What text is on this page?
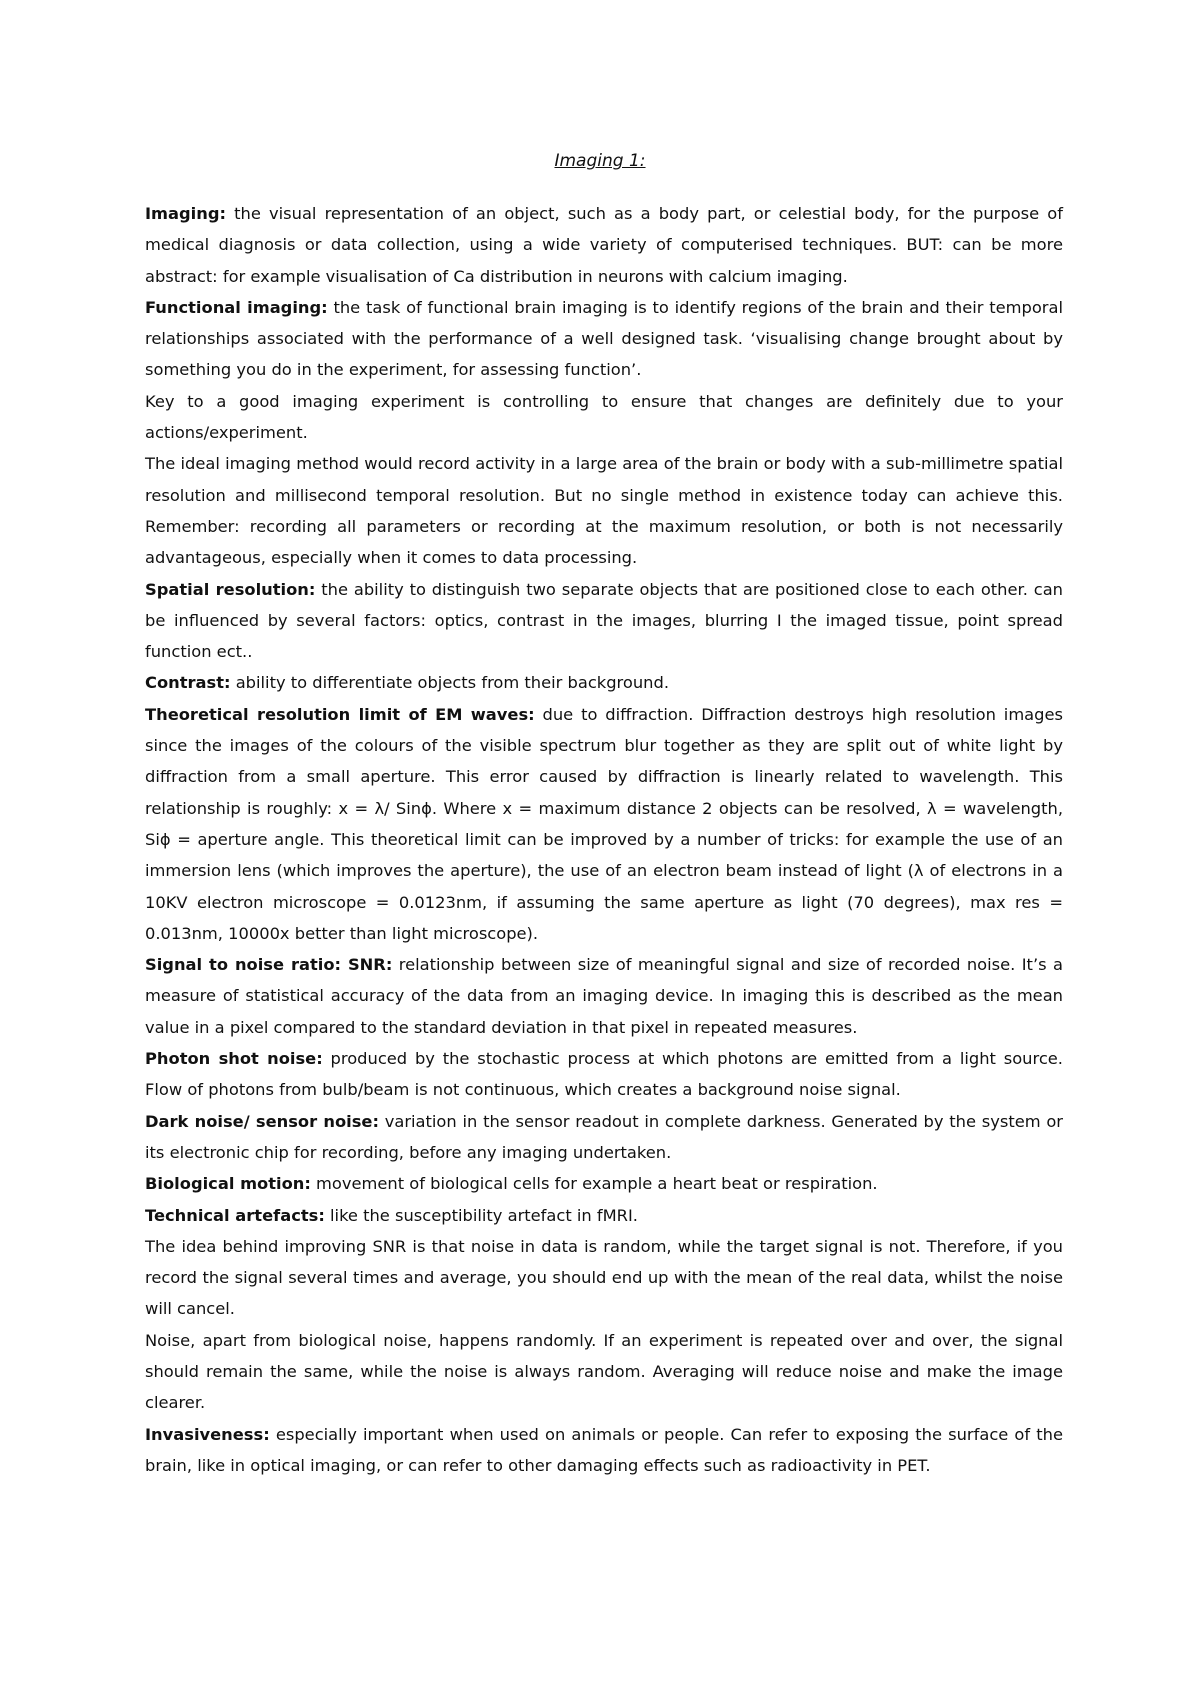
Imaging 1:

Imaging: the visual representation of an object, such as a body part, or celestial body, for the purpose of medical diagnosis or data collection, using a wide variety of computerised techniques. BUT: can be more abstract: for example visualisation of Ca distribution in neurons with calcium imaging.

Functional imaging: the task of functional brain imaging is to identify regions of the brain and their temporal relationships associated with the performance of a well designed task. ‘visualising change brought about by something you do in the experiment, for assessing function’.

Key to a good imaging experiment is controlling to ensure that changes are definitely due to your actions/experiment.

The ideal imaging method would record activity in a large area of the brain or body with a sub-millimetre spatial resolution and millisecond temporal resolution. But no single method in existence today can achieve this. Remember: recording all parameters or recording at the maximum resolution, or both is not necessarily advantageous, especially when it comes to data processing.

Spatial resolution: the ability to distinguish two separate objects that are positioned close to each other. can be influenced by several factors: optics, contrast in the images, blurring I the imaged tissue, point spread function ect..

Contrast: ability to differentiate objects from their background.

Theoretical resolution limit of EM waves: due to diffraction. Diffraction destroys high resolution images since the images of the colours of the visible spectrum blur together as they are split out of white light by diffraction from a small aperture. This error caused by diffraction is linearly related to wavelength. This relationship is roughly: x = λ/ Sinϕ. Where x = maximum distance 2 objects can be resolved, λ = wavelength, Siϕ = aperture angle. This theoretical limit can be improved by a number of tricks: for example the use of an immersion lens (which improves the aperture), the use of an electron beam instead of light (λ of electrons in a 10KV electron microscope = 0.0123nm, if assuming the same aperture as light (70 degrees), max res = 0.013nm, 10000x better than light microscope).

Signal to noise ratio: SNR: relationship between size of meaningful signal and size of recorded noise. It’s a measure of statistical accuracy of the data from an imaging device. In imaging this is described as the mean value in a pixel compared to the standard deviation in that pixel in repeated measures.

Photon shot noise: produced by the stochastic process at which photons are emitted from a light source. Flow of photons from bulb/beam is not continuous, which creates a background noise signal.

Dark noise/ sensor noise: variation in the sensor readout in complete darkness. Generated by the system or its electronic chip for recording, before any imaging undertaken.

Biological motion: movement of biological cells for example a heart beat or respiration.

Technical artefacts: like the susceptibility artefact in fMRI.

The idea behind improving SNR is that noise in data is random, while the target signal is not. Therefore, if you record the signal several times and average, you should end up with the mean of the real data, whilst the noise will cancel.

Noise, apart from biological noise, happens randomly. If an experiment is repeated over and over, the signal should remain the same, while the noise is always random. Averaging will reduce noise and make the image clearer.

Invasiveness: especially important when used on animals or people. Can refer to exposing the surface of the brain, like in optical imaging, or can refer to other damaging effects such as radioactivity in PET.
